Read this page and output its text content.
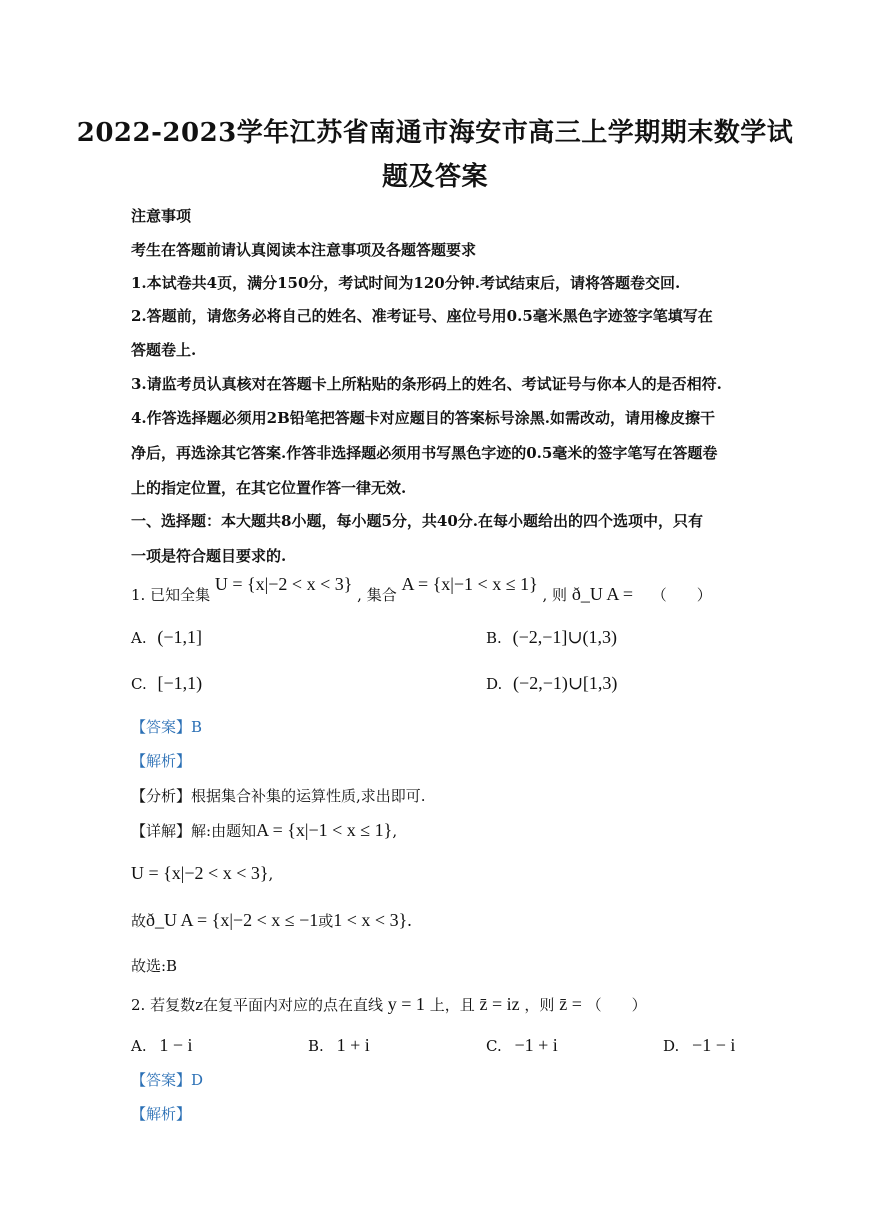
2022-2023学年江苏省南通市海安市高三上学期期末数学试
题及答案
注意事项
考生在答题前请认真阅读本注意事项及各题答题要求
1.本试卷共4页，满分150分，考试时间为120分钟.考试结束后，请将答题卷交回.
2.答题前，请您务必将自己的姓名、准考证号、座位号用0.5毫米黑色字迹签字笔填写在
答题卷上.
3.请监考员认真核对在答题卡上所粘贴的条形码上的姓名、考试证号与你本人的是否相符.
4.作答选择题必须用2B铅笔把答题卡对应题目的答案标号涂黑.如需改动，请用橡皮擦干
净后，再选涂其它答案.作答非选择题必须用书写黑色字迹的0.5毫米的签字笔写在答题卷
上的指定位置，在其它位置作答一律无效.
一、选择题：本大题共8小题，每小题5分，共40分.在每小题给出的四个选项中，只有
一项是符合题目要求的.
1. 已知全集 U = {x|−2 < x < 3} , 集合 A = {x|−1 < x ≤ 1} , 则 ð_U A = （　　）
A. (−1,1]	B. (−2,−1]∪(1,3)
C. [−1,1)	D. (−2,−1)∪[1,3)
【答案】B
【解析】
【分析】根据集合补集的运算性质,求出即可.
【详解】解:由题知A = {x|−1 < x ≤ 1},
U = {x|−2 < x < 3},
故ð_U A = {x|−2 < x ≤ −1或1 < x < 3}.
故选:B
2. 若复数z在复平面内对应的点在直线 y = 1 上，且 z̄ = iz ，则 z̄ = （　　）
A. 1 − i	B. 1 + i	C. −1 + i	D. −1 − i
【答案】D
【解析】
